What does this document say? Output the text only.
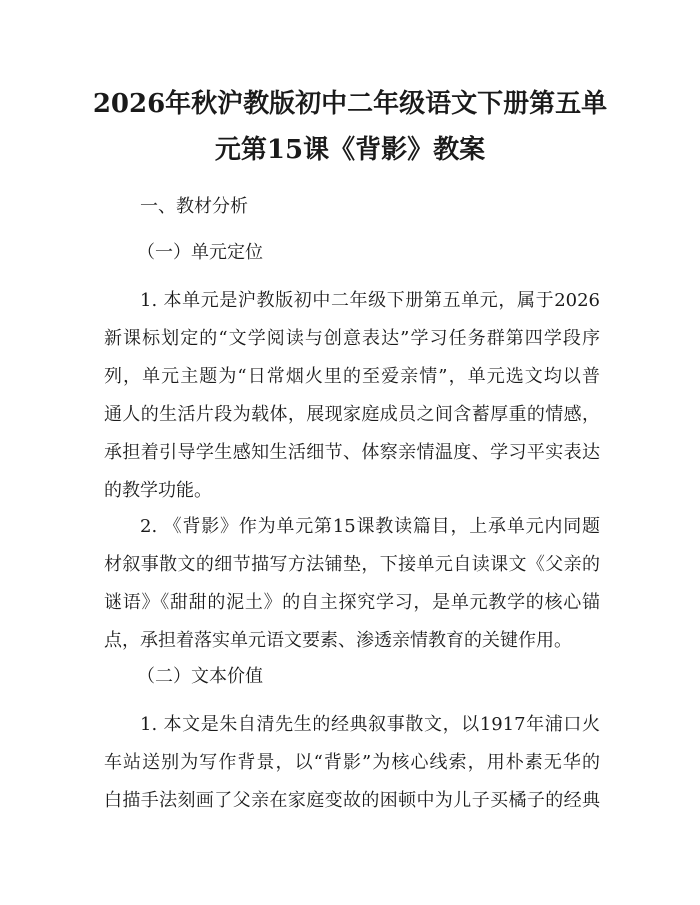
2026年秋沪教版初中二年级语文下册第五单
元第15课《背影》教案
一、教材分析
（一）单元定位
1. 本单元是沪教版初中二年级下册第五单元，属于2026
新课标划定的“文学阅读与创意表达”学习任务群第四学段序
列，单元主题为“日常烟火里的至爱亲情”，单元选文均以普
通人的生活片段为载体，展现家庭成员之间含蓄厚重的情感，
承担着引导学生感知生活细节、体察亲情温度、学习平实表达
的教学功能。
2. 《背影》作为单元第15课教读篇目，上承单元内同题
材叙事散文的细节描写方法铺垫，下接单元自读课文《父亲的
谜语》《甜甜的泥土》的自主探究学习，是单元教学的核心锚
点，承担着落实单元语文要素、渗透亲情教育的关键作用。
（二）文本价值
1. 本文是朱自清先生的经典叙事散文，以1917年浦口火
车站送别为写作背景，以“背影”为核心线索，用朴素无华的
白描手法刻画了父亲在家庭变故的困顿中为儿子买橘子的经典
